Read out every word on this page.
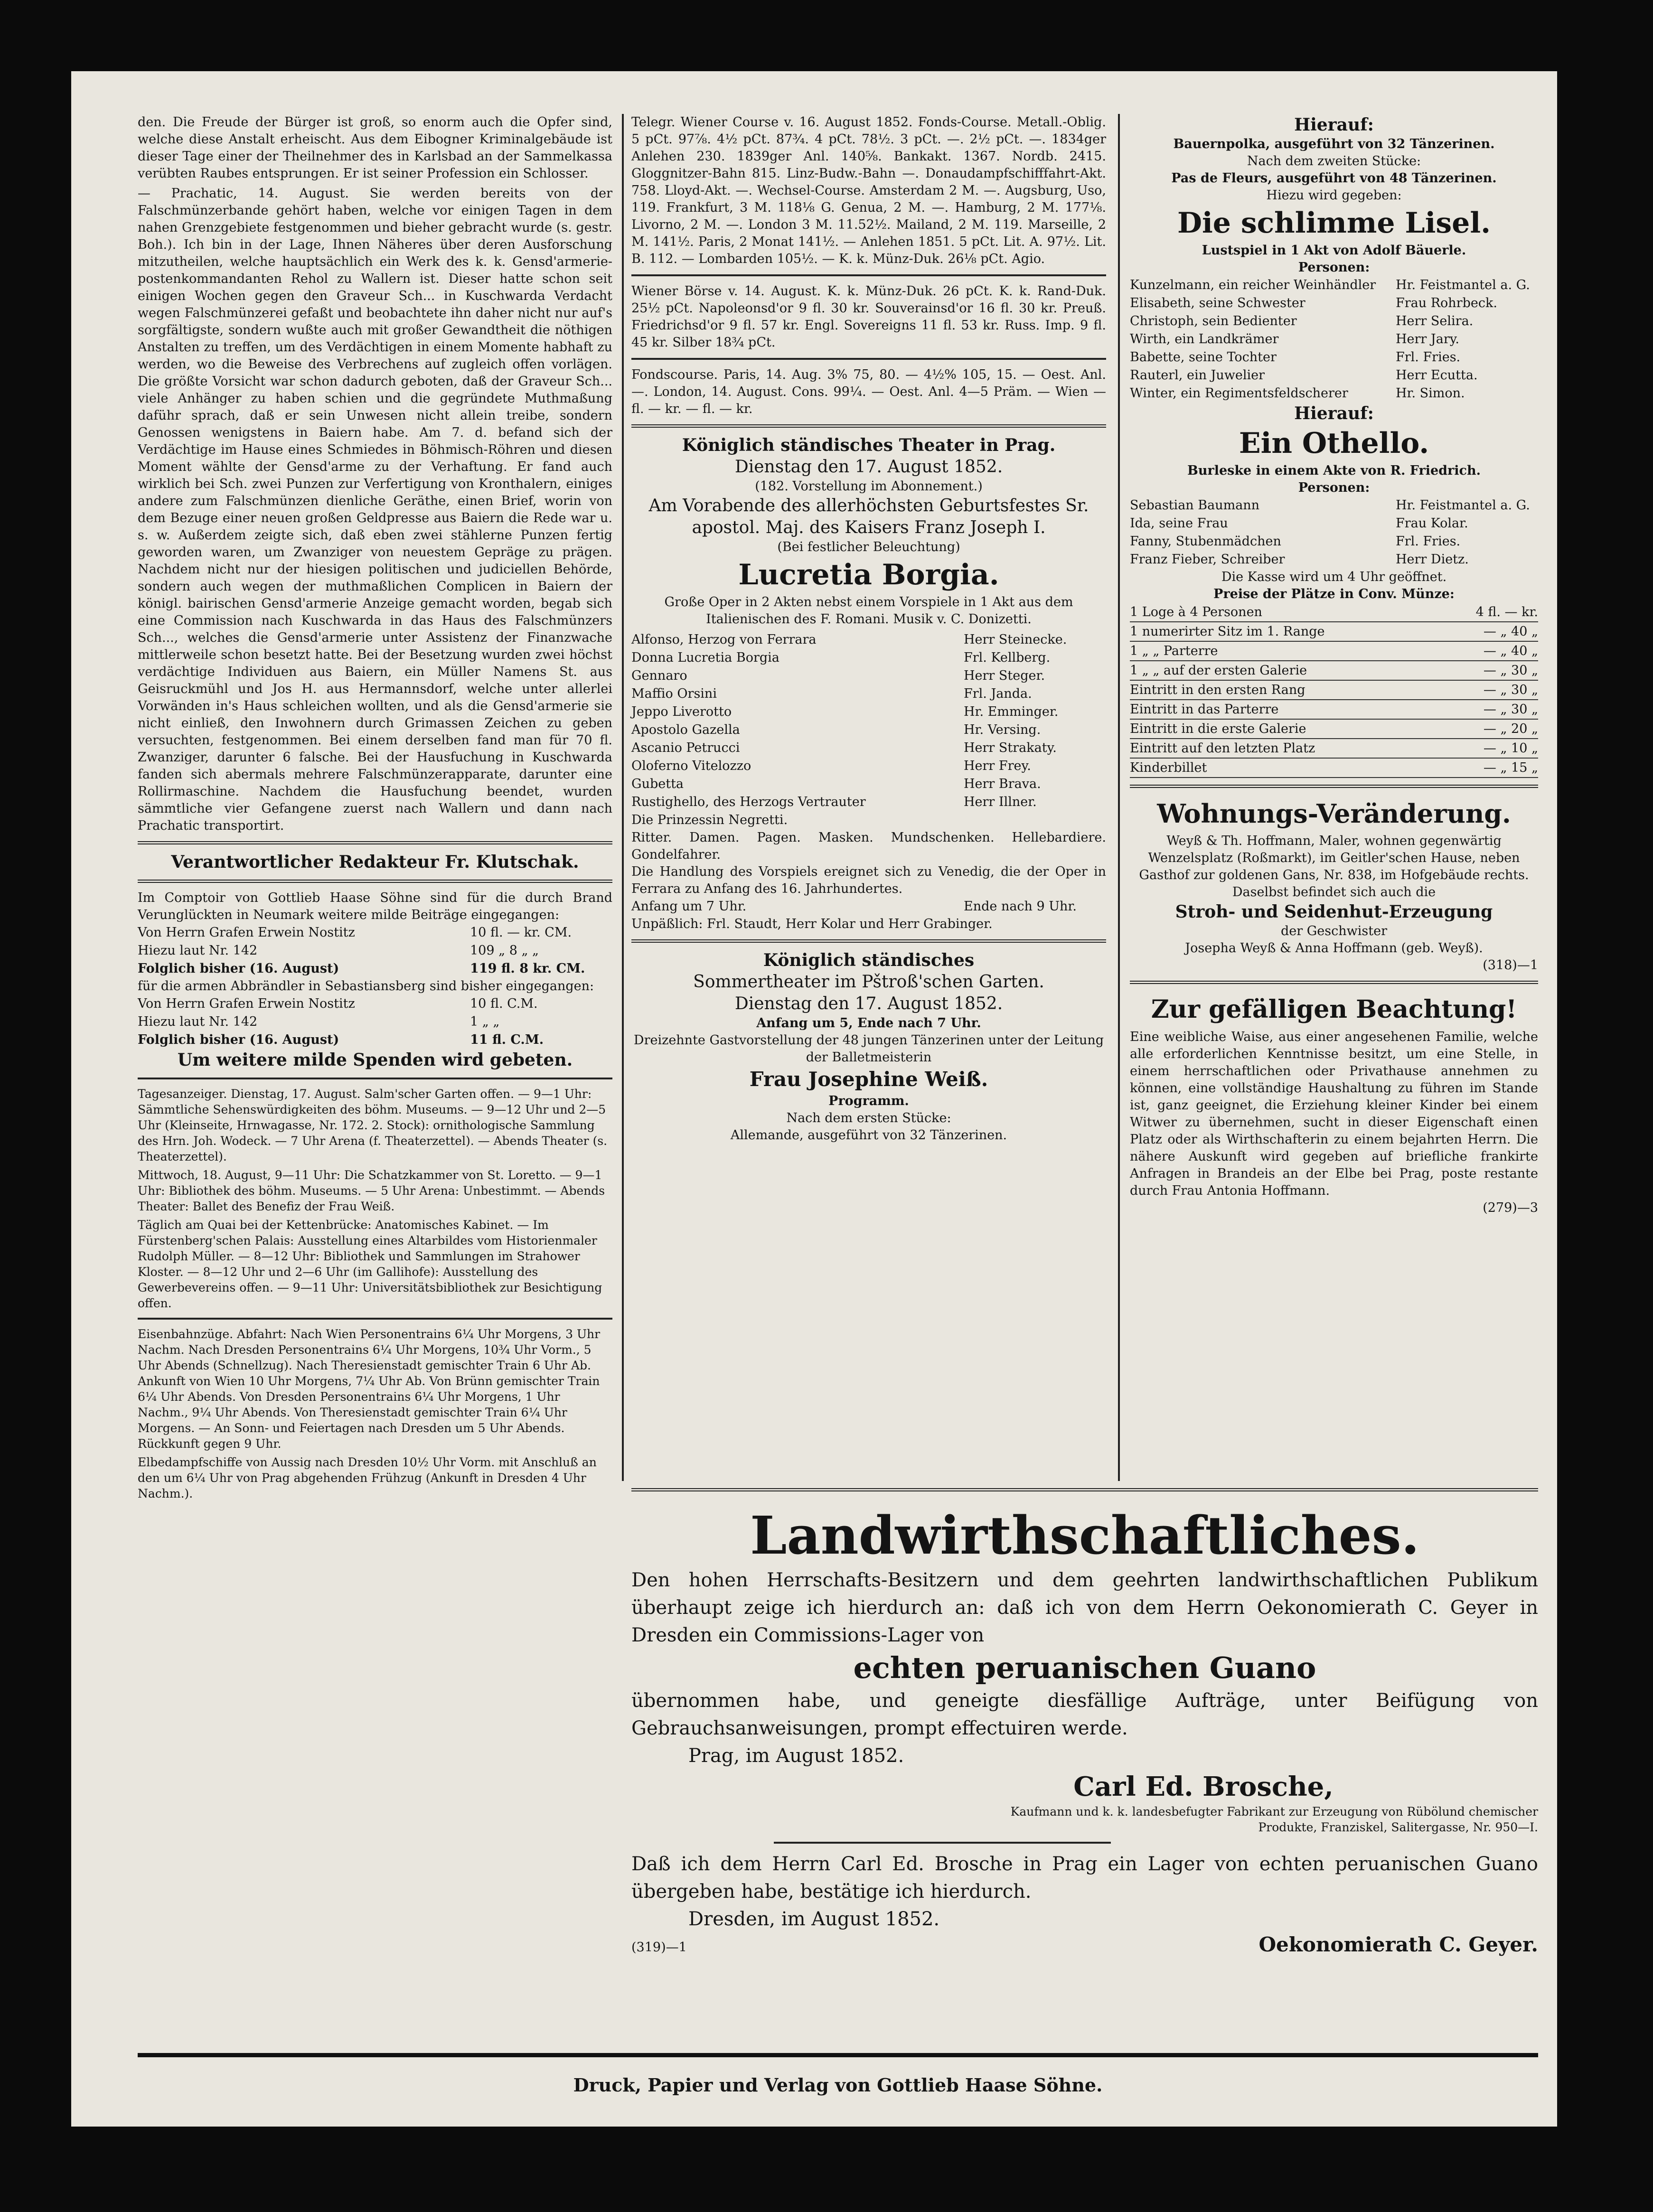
den. Die Freude der Bürger ist groß, so enorm auch die Opfer sind, welche diese Anstalt erheischt. Aus dem Eibogner Kriminalgebäude ist dieser Tage einer der Theilnehmer des in Karlsbad an der Sammelkassa verübten Raubes entsprungen. Er ist seiner Profession ein Schlosser.

— Prachatic, 14. August. Sie werden bereits von der Falschmünzerbande gehört haben, welche vor einigen Tagen in dem nahen Grenzgebiete festgenommen und bieher gebracht wurde (s. gestr. Boh.). Ich bin in der Lage, Ihnen Näheres über deren Ausforschung mitzutheilen, welche hauptsächlich ein Werk des k. k. Gensd'armerie-postenkommandanten Rehol zu Wallern ist. Dieser hatte schon seit einigen Wochen gegen den Graveur Sch... in Kuschwarda Verdacht wegen Falschmünzerei gefaßt und beobachtete ihn daher nicht nur auf's sorgfältigste, sondern wußte auch mit großer Gewandtheit die nöthigen Anstalten zu treffen, um des Verdächtigen in einem Momente habhaft zu werden, wo die Beweise des Verbrechens auf zugleich offen vorlägen. Die größte Vorsicht war schon dadurch geboten, daß der Graveur Sch... viele Anhänger zu haben schien und die gegründete Muthmaßung daführ sprach, daß er sein Unwesen nicht allein treibe, sondern Genossen wenigstens in Baiern habe. Am 7. d. befand sich der Verdächtige im Hause eines Schmiedes in Böhmisch-Röhren und diesen Moment wählte der Gensd'arme zu der Verhaftung. Er fand auch wirklich bei Sch. zwei Punzen zur Verfertigung von Kronthalern, einiges andere zum Falschmünzen dienliche Geräthe, einen Brief, worin von dem Bezuge einer neuen großen Geldpresse aus Baiern die Rede war u. s. w. Außerdem zeigte sich, daß eben zwei stählerne Punzen fertig geworden waren, um Zwanziger von neuestem Gepräge zu prägen. Nachdem nicht nur der hiesigen politischen und judiciellen Behörde, sondern auch wegen der muthmaßlichen Complicen in Baiern der königl. bairischen Gensd'armerie Anzeige gemacht worden, begab sich eine Commission nach Kuschwarda in das Haus des Falschmünzers Sch..., welches die Gensd'armerie unter Assistenz der Finanzwache mittlerweile schon besetzt hatte. Bei der Besetzung wurden zwei höchst verdächtige Individuen aus Baiern, ein Müller Namens St. aus Geisruckmühl und Jos H. aus Hermannsdorf, welche unter allerlei Vorwänden in's Haus schleichen wollten, und als die Gensd'armerie sie nicht einließ, den Inwohnern durch Grimassen Zeichen zu geben versuchten, festgenommen. Bei einem derselben fand man für 70 fl. Zwanziger, darunter 6 falsche. Bei der Hausfuchung in Kuschwarda fanden sich abermals mehrere Falschmünzerapparate, darunter eine Rollirmaschine. Nachdem die Hausfuchung beendet, wurden sämmtliche vier Gefangene zuerst nach Wallern und dann nach Prachatic transportirt.

Verantwortlicher Redakteur Fr. Klutschak.

Im Comptoir von Gottlieb Haase Söhne sind für die durch Brand Verunglückten in Neumark weitere milde Beiträge eingegangen:

Von Herrn Grafen Erwein Nostitz	10 fl. — kr. CM.
Hiezu laut Nr. 142	109 „ 8 „ „
Folglich bisher (16. August)	119 fl. 8 kr. CM.

für die armen Abbrändler in Sebastiansberg sind bisher eingegangen:

Von Herrn Grafen Erwein Nostitz	10 fl. C.M.
Hiezu laut Nr. 142	1 „ „
Folglich bisher (16. August)	11 fl. C.M.
Um weitere milde Spenden wird gebeten.

Tagesanzeiger. Dienstag, 17. August. Salm'scher Garten offen. — 9—1 Uhr: Sämmtliche Sehenswürdigkeiten des böhm. Museums. — 9—12 Uhr und 2—5 Uhr (Kleinseite, Hrnwagasse, Nr. 172. 2. Stock): ornithologische Sammlung des Hrn. Joh. Wodeck. — 7 Uhr Arena (f. Theaterzettel). — Abends Theater (s. Theaterzettel).

Mittwoch, 18. August, 9—11 Uhr: Die Schatzkammer von St. Loretto. — 9—1 Uhr: Bibliothek des böhm. Museums. — 5 Uhr Arena: Unbestimmt. — Abends Theater: Ballet des Benefiz der Frau Weiß.

Täglich am Quai bei der Kettenbrücke: Anatomisches Kabinet. — Im Fürstenberg'schen Palais: Ausstellung eines Altarbildes vom Historienmaler Rudolph Müller. — 8—12 Uhr: Bibliothek und Sammlungen im Strahower Kloster. — 8—12 Uhr und 2—6 Uhr (im Gallihofe): Ausstellung des Gewerbevereins offen. — 9—11 Uhr: Universitätsbibliothek zur Besichtigung offen.

Eisenbahnzüge. Abfahrt: Nach Wien Personentrains 6¼ Uhr Morgens, 3 Uhr Nachm. Nach Dresden Personentrains 6¼ Uhr Morgens, 10¾ Uhr Vorm., 5 Uhr Abends (Schnellzug). Nach Theresienstadt gemischter Train 6 Uhr Ab. Ankunft von Wien 10 Uhr Morgens, 7¼ Uhr Ab. Von Brünn gemischter Train 6¼ Uhr Abends. Von Dresden Personentrains 6¼ Uhr Morgens, 1 Uhr Nachm., 9¼ Uhr Abends. Von Theresienstadt gemischter Train 6¼ Uhr Morgens. — An Sonn- und Feiertagen nach Dresden um 5 Uhr Abends. Rückkunft gegen 9 Uhr.

Elbedampfschiffe von Aussig nach Dresden 10½ Uhr Vorm. mit Anschluß an den um 6¼ Uhr von Prag abgehenden Frühzug (Ankunft in Dresden 4 Uhr Nachm.).

Telegr. Wiener Course v. 16. August 1852. Fonds-Course. Metall.-Oblig. 5 pCt. 97⅞. 4½ pCt. 87¾. 4 pCt. 78½. 3 pCt. —. 2½ pCt. —. 1834ger Anlehen 230. 1839ger Anl. 140⅝. Bankakt. 1367. Nordb. 2415. Gloggnitzer-Bahn 815. Linz-Budw.-Bahn —. Donaudampfschifffahrt-Akt. 758. Lloyd-Akt. —. Wechsel-Course. Amsterdam 2 M. —. Augsburg, Uso, 119. Frankfurt, 3 M. 118⅛ G. Genua, 2 M. —. Hamburg, 2 M. 177⅛. Livorno, 2 M. —. London 3 M. 11.52½. Mailand, 2 M. 119. Marseille, 2 M. 141½. Paris, 2 Monat 141½. — Anlehen 1851. 5 pCt. Lit. A. 97½. Lit. B. 112. — Lombarden 105½. — K. k. Münz-Duk. 26⅛ pCt. Agio.

Wiener Börse v. 14. August. K. k. Münz-Duk. 26 pCt. K. k. Rand-Duk. 25½ pCt. Napoleonsd'or 9 fl. 30 kr. Souverainsd'or 16 fl. 30 kr. Preuß. Friedrichsd'or 9 fl. 57 kr. Engl. Sovereigns 11 fl. 53 kr. Russ. Imp. 9 fl. 45 kr. Silber 18¾ pCt.

Fondscourse. Paris, 14. Aug. 3% 75, 80. — 4½% 105, 15. — Oest. Anl. —. London, 14. August. Cons. 99¼. — Oest. Anl. 4—5 Präm. — Wien — fl. — kr. — fl. — kr.

Königlich ständisches Theater in Prag.
Dienstag den 17. August 1852.
(182. Vorstellung im Abonnement.)
Am Vorabende des allerhöchsten Geburtsfestes Sr. apostol. Maj. des Kaisers Franz Joseph I.
(Bei festlicher Beleuchtung)
Lucretia Borgia.

Große Oper in 2 Akten nebst einem Vorspiele in 1 Akt aus dem Italienischen des F. Romani. Musik v. C. Donizetti.

Alfonso, Herzog von Ferrara	Herr Steinecke.
Donna Lucretia Borgia	Frl. Kellberg.
Gennaro	Herr Steger.
Maffio Orsini	Frl. Janda.
Jeppo Liverotto	Hr. Emminger.
Apostolo Gazella	Hr. Versing.
Ascanio Petrucci	Herr Strakaty.
Oloferno Vitelozzo	Herr Frey.
Gubetta	Herr Brava.
Rustighello, des Herzogs Vertrauter	Herr Illner.
Die Prinzessin Negretti.

Ritter. Damen. Pagen. Masken. Mundschenken. Hellebardiere. Gondelfahrer.

Die Handlung des Vorspiels ereignet sich zu Venedig, die der Oper in Ferrara zu Anfang des 16. Jahrhundertes.

Anfang um 7 Uhr.	Ende nach 9 Uhr.
Unpäßlich: Frl. Staudt, Herr Kolar und Herr Grabinger.
Königlich ständisches
Sommertheater im Pštroß'schen Garten.
Dienstag den 17. August 1852.
Anfang um 5, Ende nach 7 Uhr.

Dreizehnte Gastvorstellung der 48 jungen Tänzerinen unter der Leitung der Balletmeisterin

Frau Josephine Weiß.
Programm.
Nach dem ersten Stücke:
Allemande, ausgeführt von 32 Tänzerinen.
Hierauf:
Bauernpolka, ausgeführt von 32 Tänzerinen.
Nach dem zweiten Stücke:
Pas de Fleurs, ausgeführt von 48 Tänzerinen.
Hiezu wird gegeben:
Die schlimme Lisel.
Lustspiel in 1 Akt von Adolf Bäuerle.
Personen:
Kunzelmann, ein reicher Weinhändler Hr. Feistmantel a. G.
Elisabeth, seine Schwester	Frau Rohrbeck.
Christoph, sein Bedienter	Herr Selira.
Wirth, ein Landkrämer	Herr Jary.
Babette, seine Tochter	Frl. Fries.
Rauterl, ein Juwelier	Herr Ecutta.
Winter, ein Regimentsfeldscherer	Hr. Simon.
Hierauf:
Ein Othello.
Burleske in einem Akte von R. Friedrich.
Personen:
Sebastian Baumann	Hr. Feistmantel a. G.
Ida, seine Frau	Frau Kolar.
Fanny, Stubenmädchen	Frl. Fries.
Franz Fieber, Schreiber	Herr Dietz.
Die Kasse wird um 4 Uhr geöffnet.
Preise der Plätze in Conv. Münze:
1 Loge à 4 Personen	4 fl. — kr.
1 numerirter Sitz im 1. Range	— „ 40 „
1 „ „ Parterre	— „ 40 „
1 „ „ auf der ersten Galerie	— „ 30 „
Eintritt in den ersten Rang	— „ 30 „
Eintritt in das Parterre	— „ 30 „
Eintritt in die erste Galerie	— „ 20 „
Eintritt auf den letzten Platz	— „ 10 „
Kinderbillet	— „ 15 „
Wohnungs-Veränderung.

Weyß & Th. Hoffmann, Maler, wohnen gegenwärtig Wenzelsplatz (Roßmarkt), im Geitler'schen Hause, neben Gasthof zur goldenen Gans, Nr. 838, im Hofgebäude rechts.

Daselbst befindet sich auch die
Stroh- und Seidenhut-Erzeugung
der Geschwister
Josepha Weyß & Anna Hoffmann (geb. Weyß).
(318)—1
Zur gefälligen Beachtung!

Eine weibliche Waise, aus einer angesehenen Familie, welche alle erforderlichen Kenntnisse besitzt, um eine Stelle, in einem herrschaftlichen oder Privathause annehmen zu können, eine vollständige Haushaltung zu führen im Stande ist, ganz geeignet, die Erziehung kleiner Kinder bei einem Witwer zu übernehmen, sucht in dieser Eigenschaft einen Platz oder als Wirthschafterin zu einem bejahrten Herrn. Die nähere Auskunft wird gegeben auf briefliche frankirte Anfragen in Brandeis an der Elbe bei Prag, poste restante durch Frau Antonia Hoffmann.

(279)—3
Landwirthschaftliches.

Den hohen Herrschafts-Besitzern und dem geehrten landwirthschaftlichen Publikum überhaupt zeige ich hierdurch an: daß ich von dem Herrn Oekonomierath C. Geyer in Dresden ein Commissions-Lager von

echten peruanischen Guano

übernommen habe, und geneigte diesfällige Aufträge, unter Beifügung von Gebrauchsanweisungen, prompt effectuiren werde.

Prag, im August 1852.
Carl Ed. Brosche,

Kaufmann und k. k. landesbefugter Fabrikant zur Erzeugung von Rübölund chemischer Produkte, Franziskel, Salitergasse, Nr. 950—I.

Daß ich dem Herrn Carl Ed. Brosche in Prag ein Lager von echten peruanischen Guano übergeben habe, bestätige ich hierdurch.

Dresden, im August 1852.
(319)—1	Oekonomierath C. Geyer.
Druck, Papier und Verlag von Gottlieb Haase Söhne.
